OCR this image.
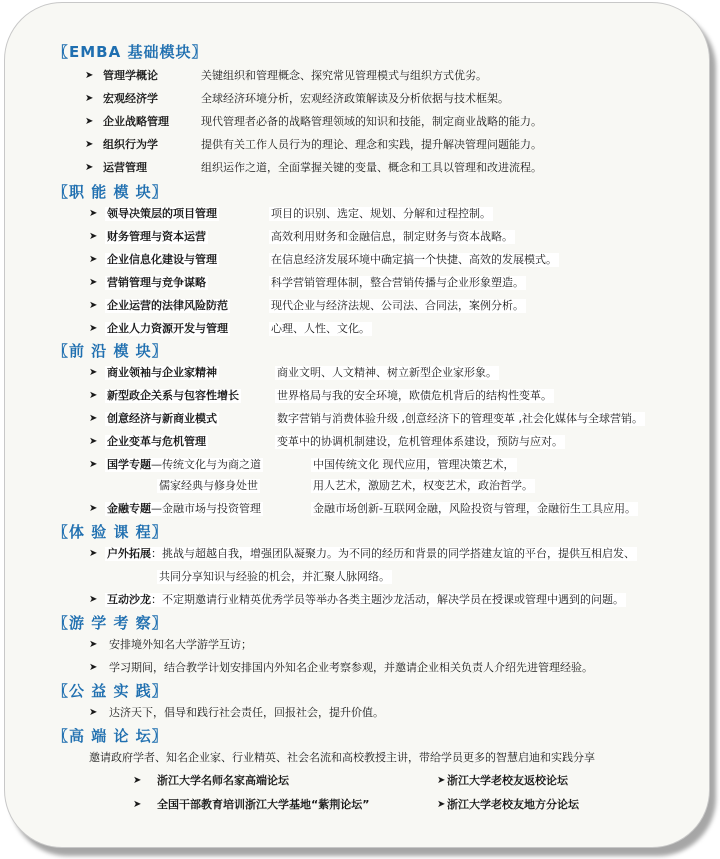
〖EMBA 基础模块〗
➤ 管理学概论	关键组织和管理概念、探究常见管理模式与组织方式优劣。
➤ 宏观经济学	全球经济环境分析，宏观经济政策解读及分析依据与技术框架。
➤ 企业战略管理	现代管理者必备的战略管理领域的知识和技能，制定商业战略的能力。
➤ 组织行为学	提供有关工作人员行为的理论、理念和实践，提升解决管理问题能力。
➤ 运营管理	组织运作之道，全面掌握关键的变量、概念和工具以管理和改进流程。
〖职 能 模 块〗
➤ 领导决策层的项目管理	项目的识别、选定、规划、分解和过程控制。
➤ 财务管理与资本运营	高效利用财务和金融信息，制定财务与资本战略。
➤ 企业信息化建设与管理	在信息经济发展环境中确定搞一个快捷、高效的发展模式。
➤ 营销管理与竞争谋略	科学营销管理体制，整合营销传播与企业形象塑造。
➤ 企业运营的法律风险防范	现代企业与经济法规、公司法、合同法，案例分析。
➤ 企业人力资源开发与管理	心理、人性、文化。
〖前 沿 模 块〗
➤ 商业领袖与企业家精神	商业文明、人文精神、树立新型企业家形象。
➤ 新型政企关系与包容性增长	世界格局与我的安全环境，欧债危机背后的结构性变革。
➤ 创意经济与新商业模式	数字营销与消费体验升级 ,创意经济下的管理变革 ,社会化媒体与全球营销。
➤ 企业变革与危机管理	变革中的协调机制建设，危机管理体系建设，预防与应对。
➤ 国学专题—传统文化与为商之道	中国传统文化 现代应用，管理决策艺术，
儒家经典与修身处世	用人艺术，激励艺术，权变艺术，政治哲学。
➤ 金融专题—金融市场与投资管理	金融市场创新-互联网金融，风险投资与管理，金融衍生工具应用。
〖体 验 课 程〗
➤ 户外拓展：挑战与超越自我，增强团队凝聚力。为不同的经历和背景的同学搭建友谊的平台，提供互相启发、
共同分享知识与经验的机会，并汇聚人脉网络。
➤ 互动沙龙：不定期邀请行业精英优秀学员等举办各类主题沙龙活动，解决学员在授课或管理中遇到的问题。
〖游 学 考 察〗
➤ 安排境外知名大学游学互访；
➤ 学习期间，结合教学计划安排国内外知名企业考察参观，并邀请企业相关负责人介绍先进管理经验。
〖公 益 实 践〗
➤ 达济天下，倡导和践行社会责任，回报社会，提升价值。
〖高 端 论 坛〗
邀请政府学者、知名企业家、行业精英、社会名流和高校教授主讲，带给学员更多的智慧启迪和实践分享
➤ 浙江大学名师名家高端论坛	➤ 浙江大学老校友返校论坛
➤ 全国干部教育培训浙江大学基地“紫荆论坛”	➤ 浙江大学老校友地方分论坛
